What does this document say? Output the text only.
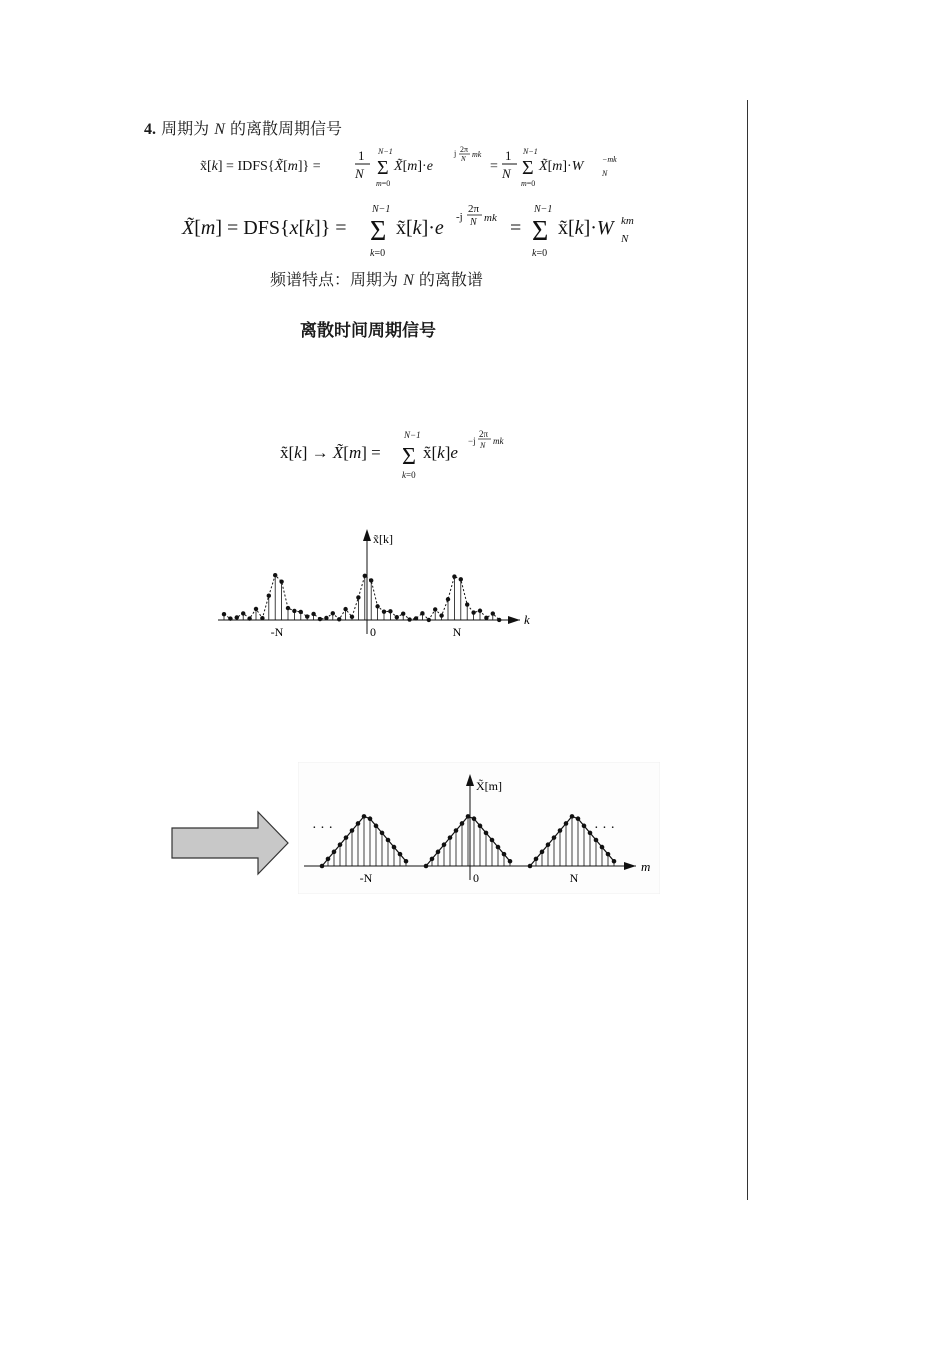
4. 周期为 N 的离散周期信号
x̃[k] = IDFS{X̃[m]} =
1
N Σ
N−1
m=0
X̃[m]·e
j 2π
N mk
=
1
N Σ
N−1
m=0
X̃[m]·W N
−mk
X̃[m] = DFS{x[k]} = Σ
N−1
k=0
x̃[k]·e -j
2π
N mk = Σ
N−1
k=0
x̃[k]·W N
km
频谱特点：周期为 N 的离散谱
离散时间周期信号
x̃[k] → X̃[m] = Σ
N−1
k=0
x̃[k]e
−j
2π
N mk
x̃[k]
k
-N	0	N
X̃[m]
m
-N	0	N
· · ·	· · ·
